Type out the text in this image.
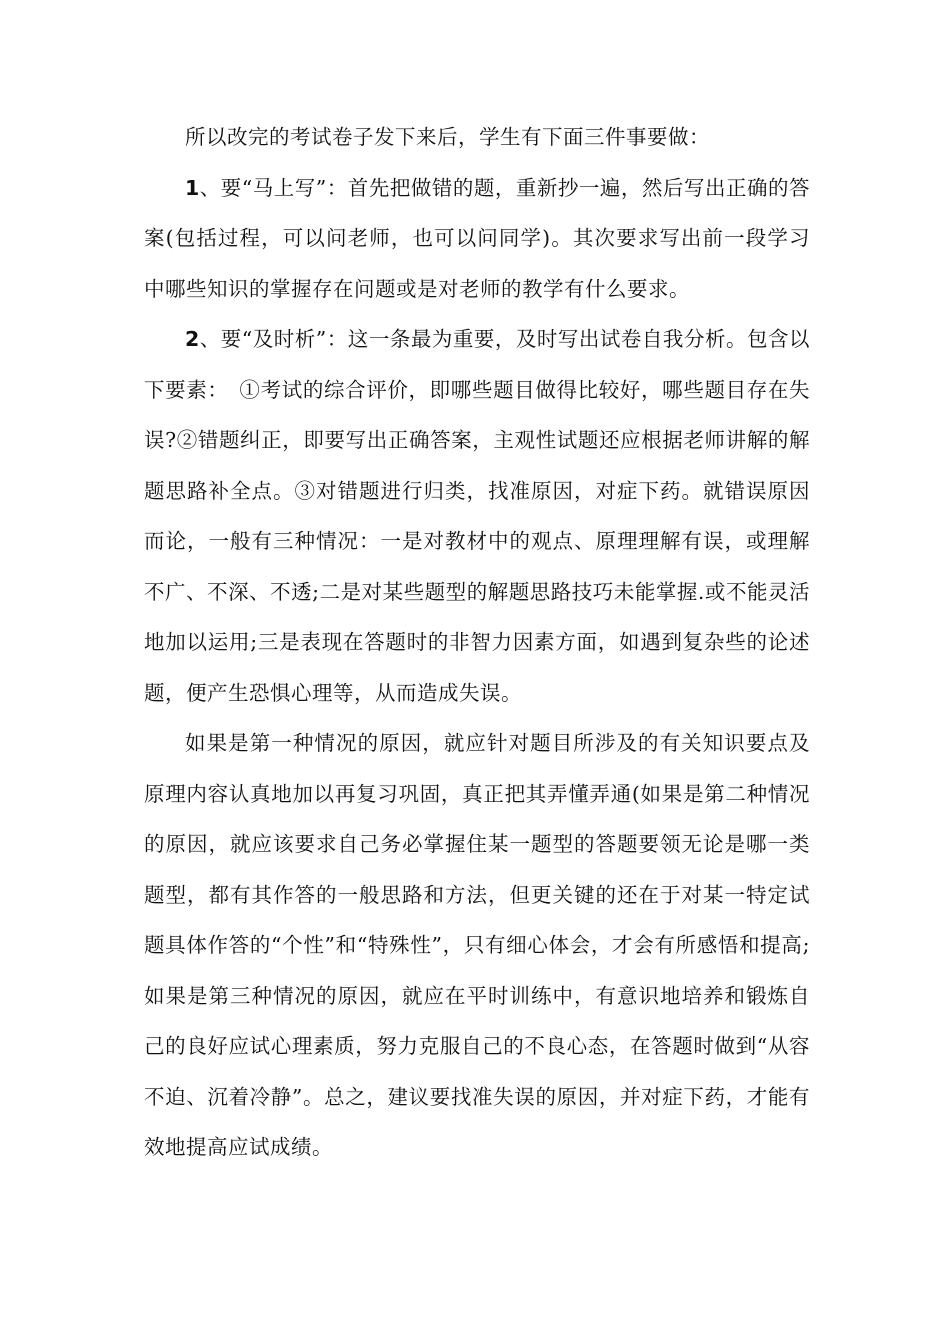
所以改完的考试卷子发下来后，学生有下面三件事要做：

1、要“马上写”：首先把做错的题，重新抄一遍，然后写出正确的答案(包括过程，可以问老师，也可以问同学)。其次要求写出前一段学习中哪些知识的掌握存在问题或是对老师的教学有什么要求。

2、要“及时析”：这一条最为重要，及时写出试卷自我分析。包含以下要素：　①考试的综合评价，即哪些题目做得比较好，哪些题目存在失误?②错题纠正，即要写出正确答案，主观性试题还应根据老师讲解的解题思路补全点。③对错题进行归类，找准原因，对症下药。就错误原因而论，一般有三种情况：一是对教材中的观点、原理理解有误，或理解不广、不深、不透;二是对某些题型的解题思路技巧未能掌握.或不能灵活地加以运用;三是表现在答题时的非智力因素方面，如遇到复杂些的论述题，便产生恐惧心理等，从而造成失误。

如果是第一种情况的原因，就应针对题目所涉及的有关知识要点及原理内容认真地加以再复习巩固，真正把其弄懂弄通(如果是第二种情况的原因，就应该要求自己务必掌握住某一题型的答题要领无论是哪一类题型，都有其作答的一般思路和方法，但更关键的还在于对某一特定试题具体作答的“个性”和“特殊性”，只有细心体会，才会有所感悟和提高;如果是第三种情况的原因，就应在平时训练中，有意识地培养和锻炼自己的良好应试心理素质，努力克服自己的不良心态，在答题时做到“从容不迫、沉着冷静”。总之，建议要找准失误的原因，并对症下药，才能有效地提高应试成绩。
